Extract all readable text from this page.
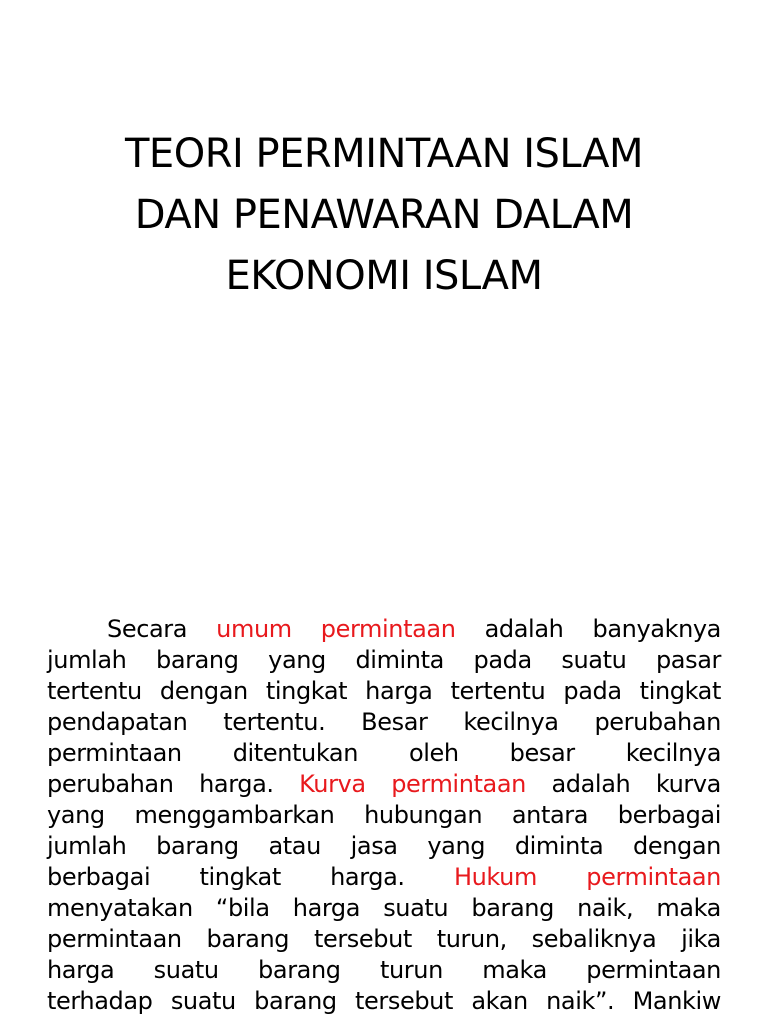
TEORI PERMINTAAN ISLAM
DAN PENAWARAN DALAM
EKONOMI ISLAM
Secara umum permintaan adalah banyaknya
jumlah barang yang diminta pada suatu pasar
tertentu dengan tingkat harga tertentu pada tingkat
pendapatan tertentu. Besar kecilnya perubahan
permintaan ditentukan oleh besar kecilnya
perubahan harga. Kurva permintaan adalah kurva
yang menggambarkan hubungan antara berbagai
jumlah barang atau jasa yang diminta dengan
berbagai tingkat harga. Hukum permintaan
menyatakan “bila harga suatu barang naik, maka
permintaan barang tersebut turun, sebaliknya jika
harga suatu barang turun maka permintaan
terhadap suatu barang tersebut akan naik”. Mankiw
